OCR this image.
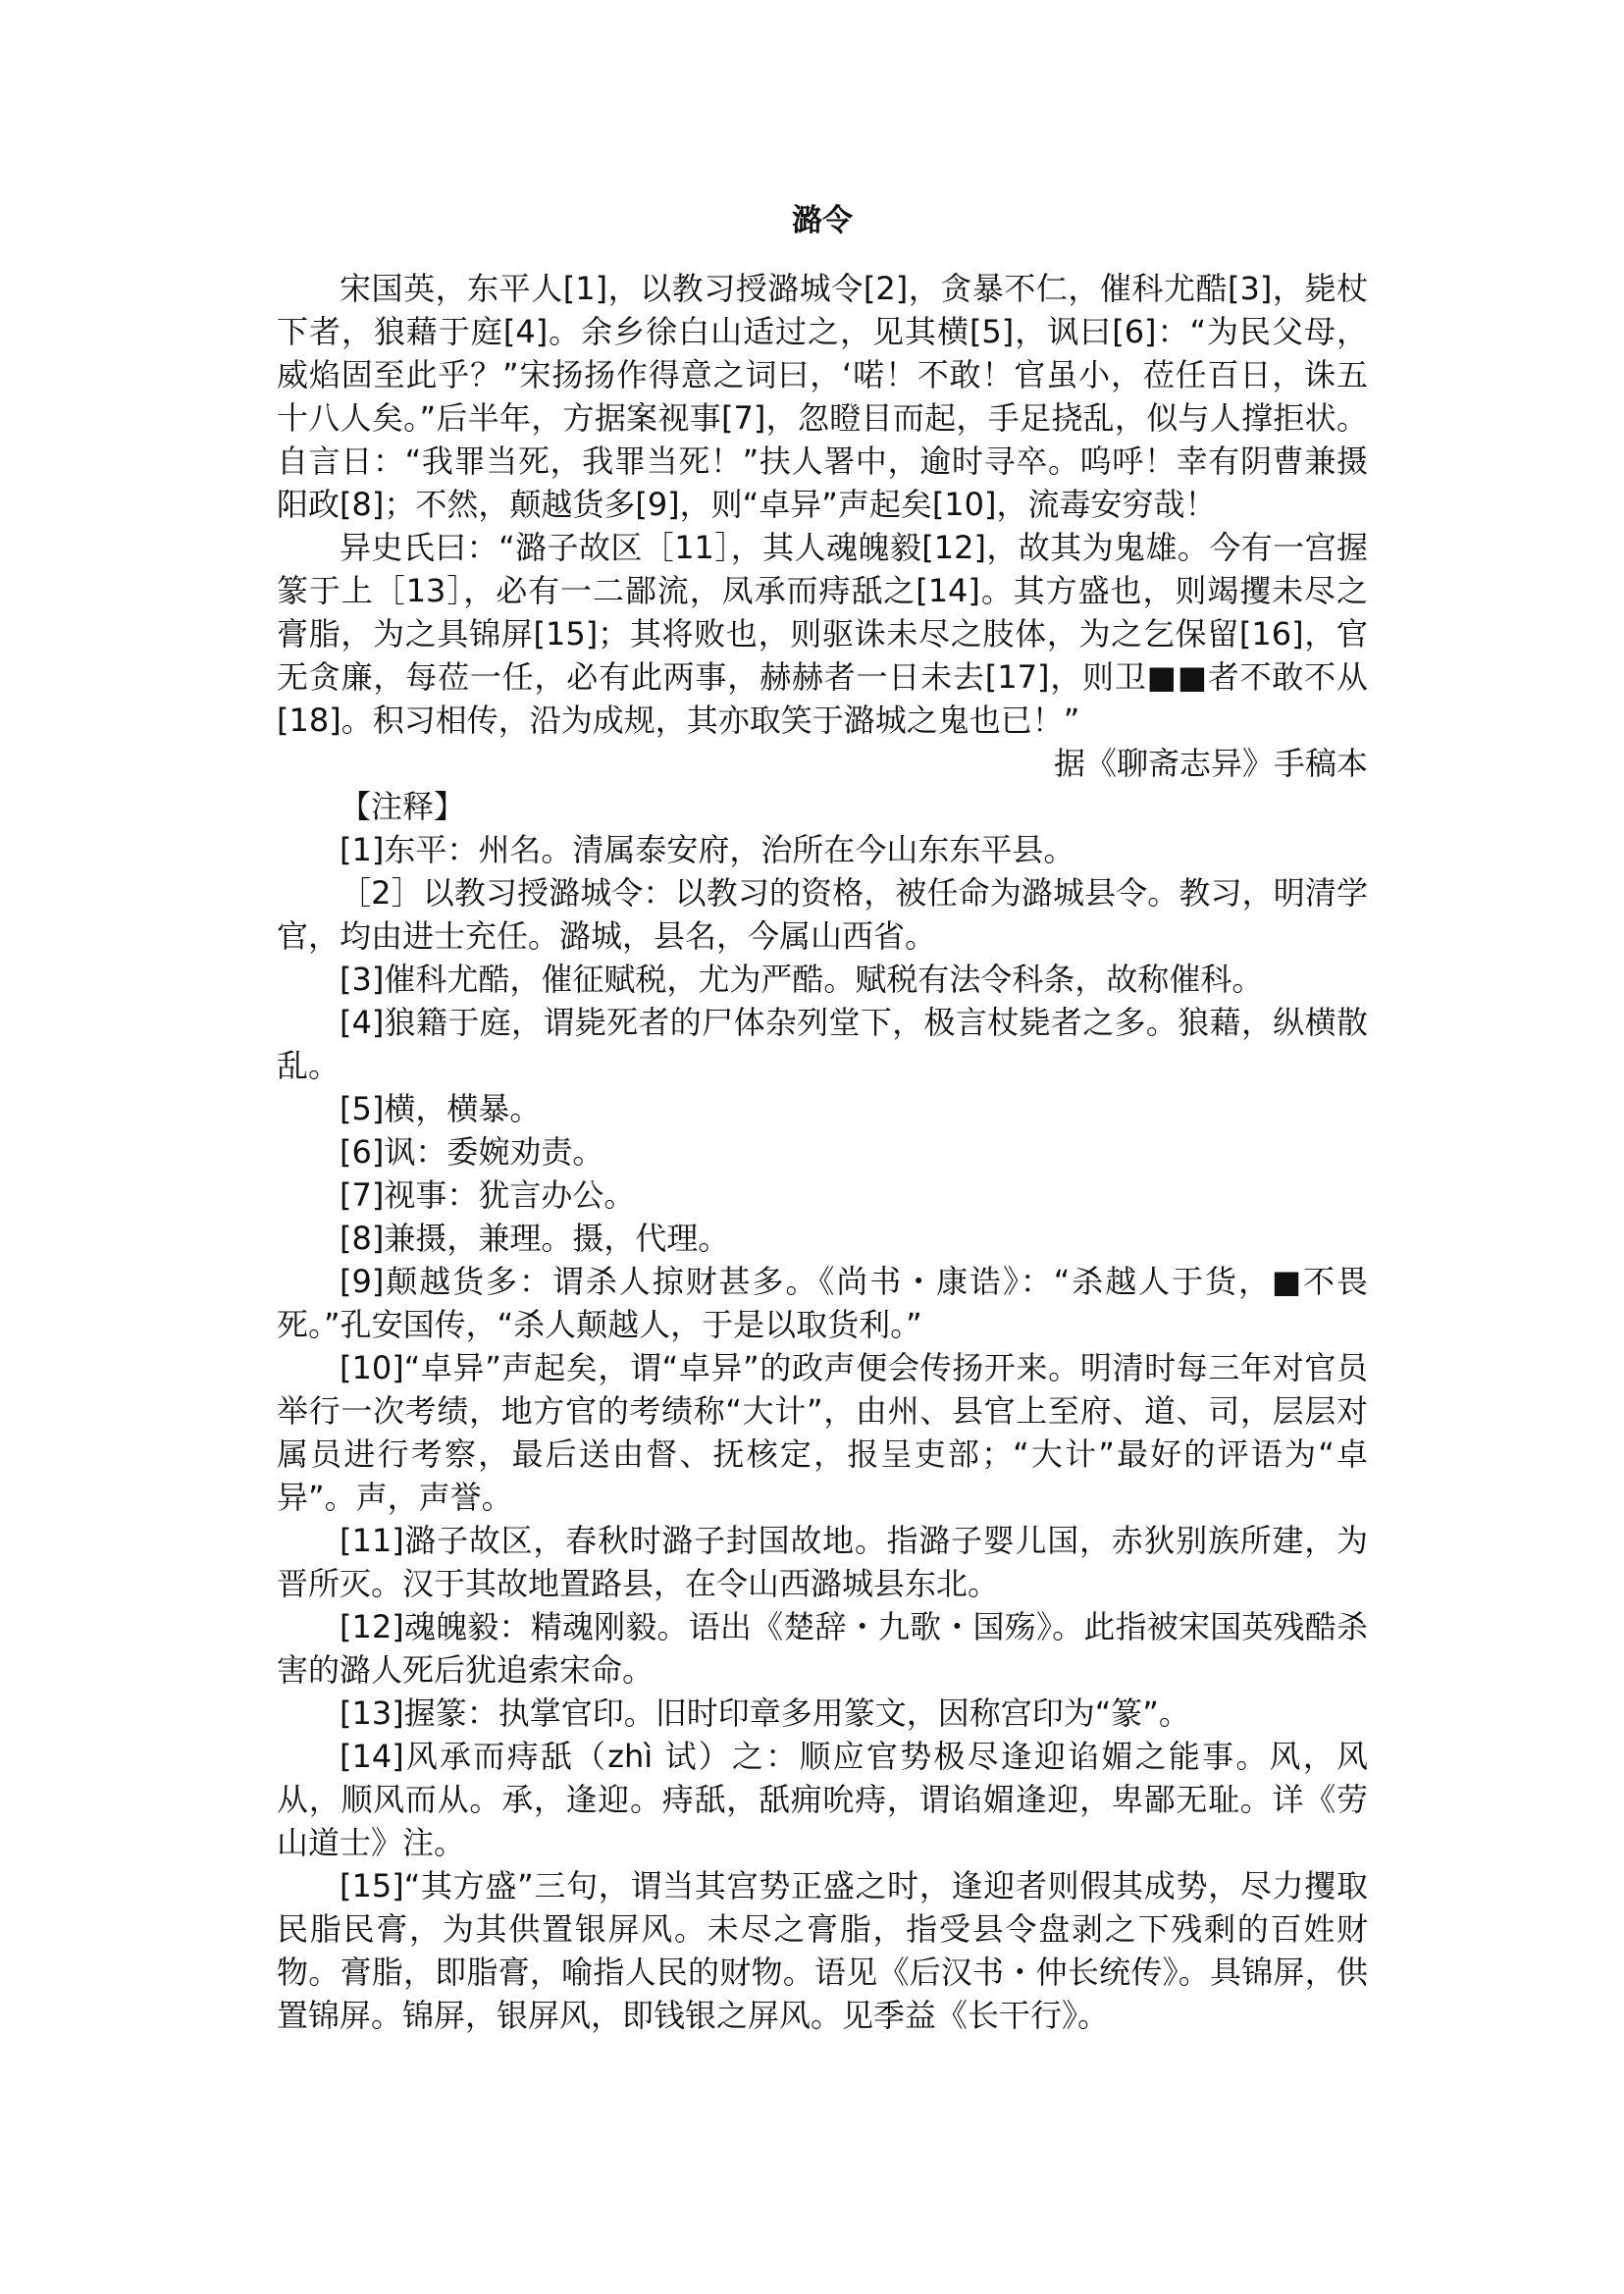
潞令

宋国英，东平人[1]，以教习授潞城令[2]，贪暴不仁，催科尤酷[3]，毙杖下者，狼藉于庭[4]。余乡徐白山适过之，见其横[5]，讽曰[6]：“为民父母，威焰固至此乎？”宋扬扬作得意之词曰，‘喏！不敢！官虽小，莅任百日，诛五十八人矣。”后半年，方据案视事[7]，忽瞪目而起，手足挠乱，似与人撑拒状。自言日：“我罪当死，我罪当死！”扶人署中，逾时寻卒。呜呼！幸有阴曹兼摄阳政[8]；不然，颠越货多[9]，则“卓异”声起矣[10]，流毒安穷哉！

异史氏曰：“潞子故区［11］，其人魂魄毅[12]，故其为鬼雄。今有一宫握篆于上［13］，必有一二鄙流，凤承而痔舐之[14]。其方盛也，则竭攫未尽之膏脂，为之具锦屏[15]；其将败也，则驱诛未尽之肢体，为之乞保留[16]，官无贪廉，每莅一任，必有此两事，赫赫者一日未去[17]，则卫■■者不敢不从[18]。积习相传，沿为成规，其亦取笑于潞城之鬼也已！”

据《聊斋志异》手稿本

【注释】

[1]东平：州名。清属泰安府，治所在今山东东平县。

［2］以教习授潞城令：以教习的资格，被任命为潞城县令。教习，明清学官，均由进士充任。潞城，县名，今属山西省。

[3]催科尤酷，催征赋税，尤为严酷。赋税有法令科条，故称催科。

[4]狼籍于庭，谓毙死者的尸体杂列堂下，极言杖毙者之多。狼藉，纵横散乱。

[5]横，横暴。

[6]讽：委婉劝责。

[7]视事：犹言办公。

[8]兼摄，兼理。摄，代理。

[9]颠越货多：谓杀人掠财甚多。《尚书・康诰》：“杀越人于货，■不畏死。”孔安国传，“杀人颠越人，于是以取货利。”

[10]“卓异”声起矣，谓“卓异”的政声便会传扬开来。明清时每三年对官员举行一次考绩，地方官的考绩称“大计”，由州、县官上至府、道、司，层层对属员进行考察，最后送由督、抚核定，报呈吏部；“大计”最好的评语为“卓异”。声，声誉。

[11]潞子故区，春秋时潞子封国故地。指潞子婴儿国，赤狄别族所建，为晋所灭。汉于其故地置路县，在令山西潞城县东北。

[12]魂魄毅：精魂刚毅。语出《楚辞・九歌・国殇》。此指被宋国英残酷杀害的潞人死后犹追索宋命。

[13]握篆：执掌官印。旧时印章多用篆文，因称宫印为“篆”。

[14]风承而痔舐（zhì 试）之：顺应官势极尽逢迎谄媚之能事。风，风从，顺风而从。承，逢迎。痔舐，舐痈吮痔，谓谄媚逢迎，卑鄙无耻。详《劳山道士》注。

[15]“其方盛”三句，谓当其宫势正盛之时，逢迎者则假其成势，尽力攫取民脂民膏，为其供置银屏风。未尽之膏脂，指受县令盘剥之下残剩的百姓财物。膏脂，即脂膏，喻指人民的财物。语见《后汉书・仲长统传》。具锦屏，供置锦屏。锦屏，银屏风，即钱银之屏风。见季益《长干行》。
